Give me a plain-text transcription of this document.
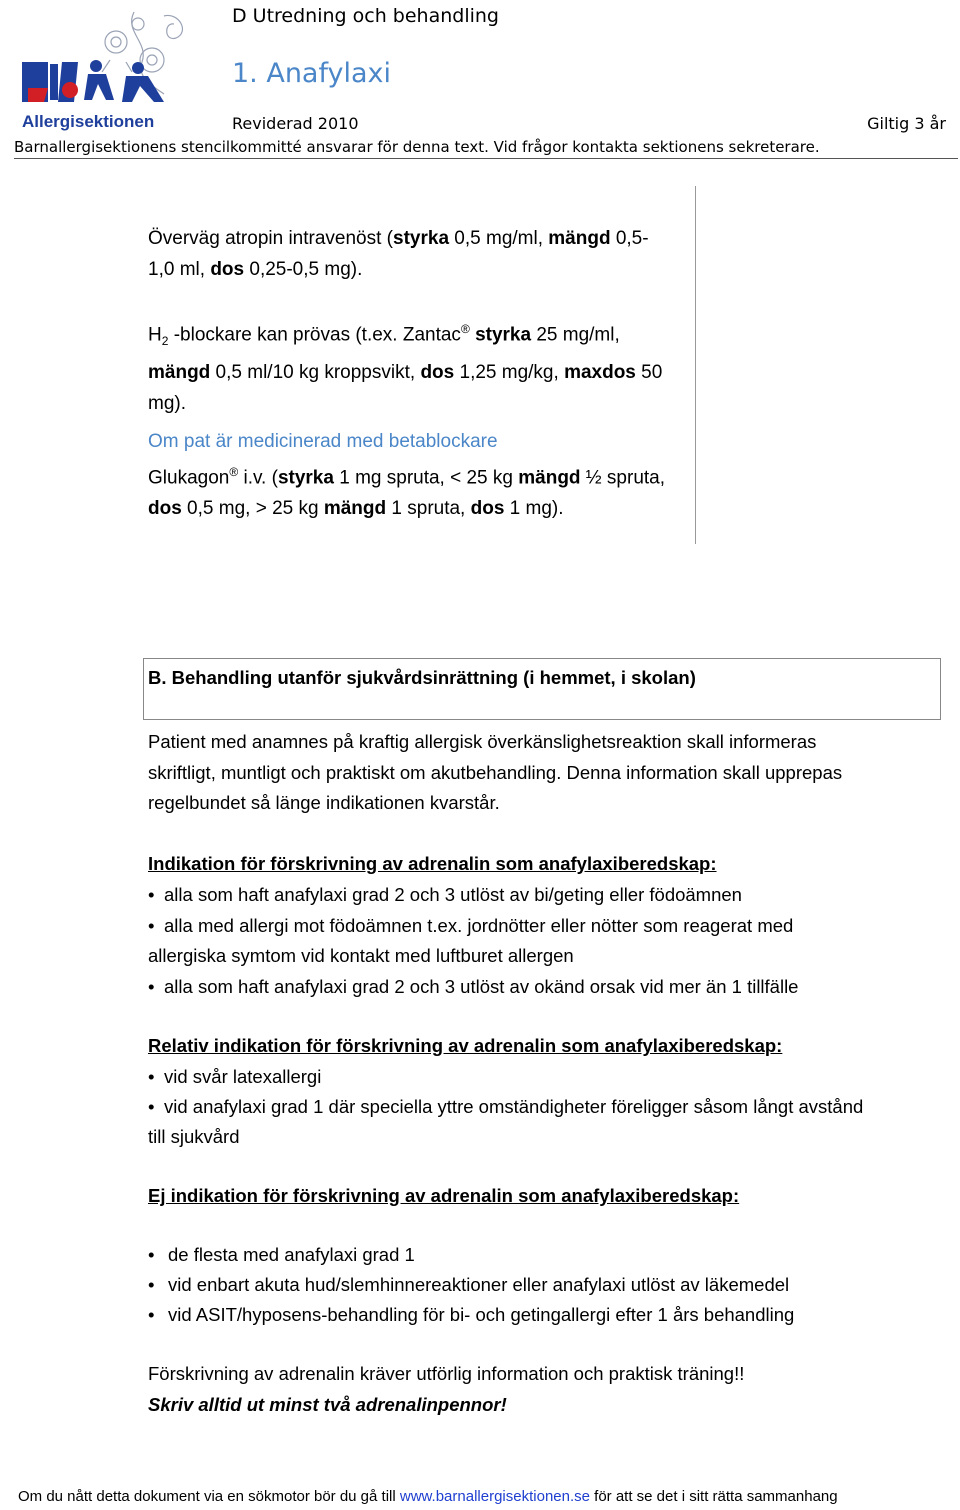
Allergisektionen
D Utredning och behandling
1. Anafylaxi
Reviderad 2010	Giltig 3 år
Barnallergisektionens stencilkommitté ansvarar för denna text. Vid frågor kontakta sektionens sekreterare.
Överväg atropin intravenöst (styrka 0,5 mg/ml, mängd 0,5-
1,0 ml, dos 0,25-0,5 mg).
$H_2$ -blockare kan prövas (t.ex. Zantac® styrka 25 mg/ml,
mängd 0,5 ml/10 kg kroppsvikt, dos 1,25 mg/kg, maxdos 50
mg).
Om pat är medicinerad med betablockare
Glukagon® i.v. (styrka 1 mg spruta, < 25 kg mängd ½ spruta,
dos 0,5 mg, > 25 kg mängd 1 spruta, dos 1 mg).
B. Behandling utanför sjukvårdsinrättning (i hemmet, i skolan)
Patient med anamnes på kraftig allergisk överkänslighetsreaktion skall informeras
skriftligt, muntligt och praktiskt om akutbehandling. Denna information skall upprepas
regelbundet så länge indikationen kvarstår.
Indikation för förskrivning av adrenalin som anafylaxiberedskap:
• alla som haft anafylaxi grad 2 och 3 utlöst av bi/geting eller födoämnen
• alla med allergi mot födoämnen t.ex. jordnötter eller nötter som reagerat med
allergiska symtom vid kontakt med luftburet allergen
• alla som haft anafylaxi grad 2 och 3 utlöst av okänd orsak vid mer än 1 tillfälle
Relativ indikation för förskrivning av adrenalin som anafylaxiberedskap:
• vid svår latexallergi
• vid anafylaxi grad 1 där speciella yttre omständigheter föreligger såsom långt avstånd
till sjukvård
Ej indikation för förskrivning av adrenalin som anafylaxiberedskap:
• de flesta med anafylaxi grad 1
• vid enbart akuta hud/slemhinnereaktioner eller anafylaxi utlöst av läkemedel
• vid ASIT/hyposens-behandling för bi- och getingallergi efter 1 års behandling
Förskrivning av adrenalin kräver utförlig information och praktisk träning!!
Skriv alltid ut minst två adrenalinpennor!
Om du nått detta dokument via en sökmotor bör du gå till www.barnallergisektionen.se för att se det i sitt rätta sammanhang
